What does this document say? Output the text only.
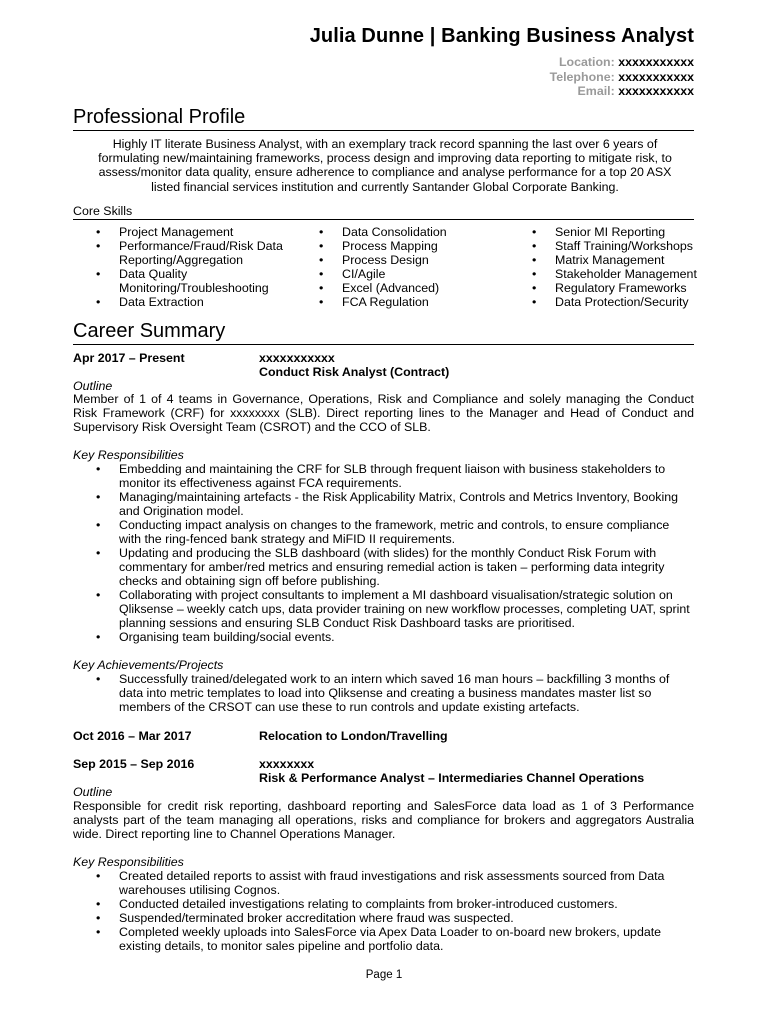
Julia Dunne | Banking Business Analyst
Location: xxxxxxxxxxx
Telephone: xxxxxxxxxxx
Email: xxxxxxxxxxx
Professional Profile
Highly IT literate Business Analyst, with an exemplary track record spanning the last over 6 years of
formulating new/maintaining frameworks, process design and improving data reporting to mitigate risk, to
assess/monitor data quality, ensure adherence to compliance and analyse performance for a top 20 ASX
listed financial services institution and currently Santander Global Corporate Banking.
Core Skills
• Project Management
• Performance/Fraud/Risk Data Reporting/Aggregation
• Data Quality Monitoring/Troubleshooting
• Data Extraction
• Data Consolidation
• Process Mapping
• Process Design
• CI/Agile
• Excel (Advanced)
• FCA Regulation
• Senior MI Reporting
• Staff Training/Workshops
• Matrix Management
• Stakeholder Management
• Regulatory Frameworks
• Data Protection/Security
Career Summary
Apr 2017 – Present	xxxxxxxxxxx
Conduct Risk Analyst (Contract)
Outline
Member of 1 of 4 teams in Governance, Operations, Risk and Compliance and solely managing the Conduct Risk Framework (CRF) for xxxxxxxx (SLB). Direct reporting lines to the Manager and Head of Conduct and Supervisory Risk Oversight Team (CSROT) and the CCO of SLB.
Key Responsibilities
• Embedding and maintaining the CRF for SLB through frequent liaison with business stakeholders to monitor its effectiveness against FCA requirements.
• Managing/maintaining artefacts - the Risk Applicability Matrix, Controls and Metrics Inventory, Booking and Origination model.
• Conducting impact analysis on changes to the framework, metric and controls, to ensure compliance with the ring-fenced bank strategy and MiFID II requirements.
• Updating and producing the SLB dashboard (with slides) for the monthly Conduct Risk Forum with commentary for amber/red metrics and ensuring remedial action is taken – performing data integrity checks and obtaining sign off before publishing.
• Collaborating with project consultants to implement a MI dashboard visualisation/strategic solution on Qliksense – weekly catch ups, data provider training on new workflow processes, completing UAT, sprint planning sessions and ensuring SLB Conduct Risk Dashboard tasks are prioritised.
• Organising team building/social events.
Key Achievements/Projects
• Successfully trained/delegated work to an intern which saved 16 man hours – backfilling 3 months of data into metric templates to load into Qliksense and creating a business mandates master list so members of the CRSOT can use these to run controls and update existing artefacts.
Oct 2016 – Mar 2017	Relocation to London/Travelling
Sep 2015 – Sep 2016	xxxxxxxx
Risk & Performance Analyst – Intermediaries Channel Operations
Outline
Responsible for credit risk reporting, dashboard reporting and SalesForce data load as 1 of 3 Performance analysts part of the team managing all operations, risks and compliance for brokers and aggregators Australia wide. Direct reporting line to Channel Operations Manager.
Key Responsibilities
• Created detailed reports to assist with fraud investigations and risk assessments sourced from Data warehouses utilising Cognos.
• Conducted detailed investigations relating to complaints from broker-introduced customers.
• Suspended/terminated broker accreditation where fraud was suspected.
• Completed weekly uploads into SalesForce via Apex Data Loader to on-board new brokers, update existing details, to monitor sales pipeline and portfolio data.
Page 1
